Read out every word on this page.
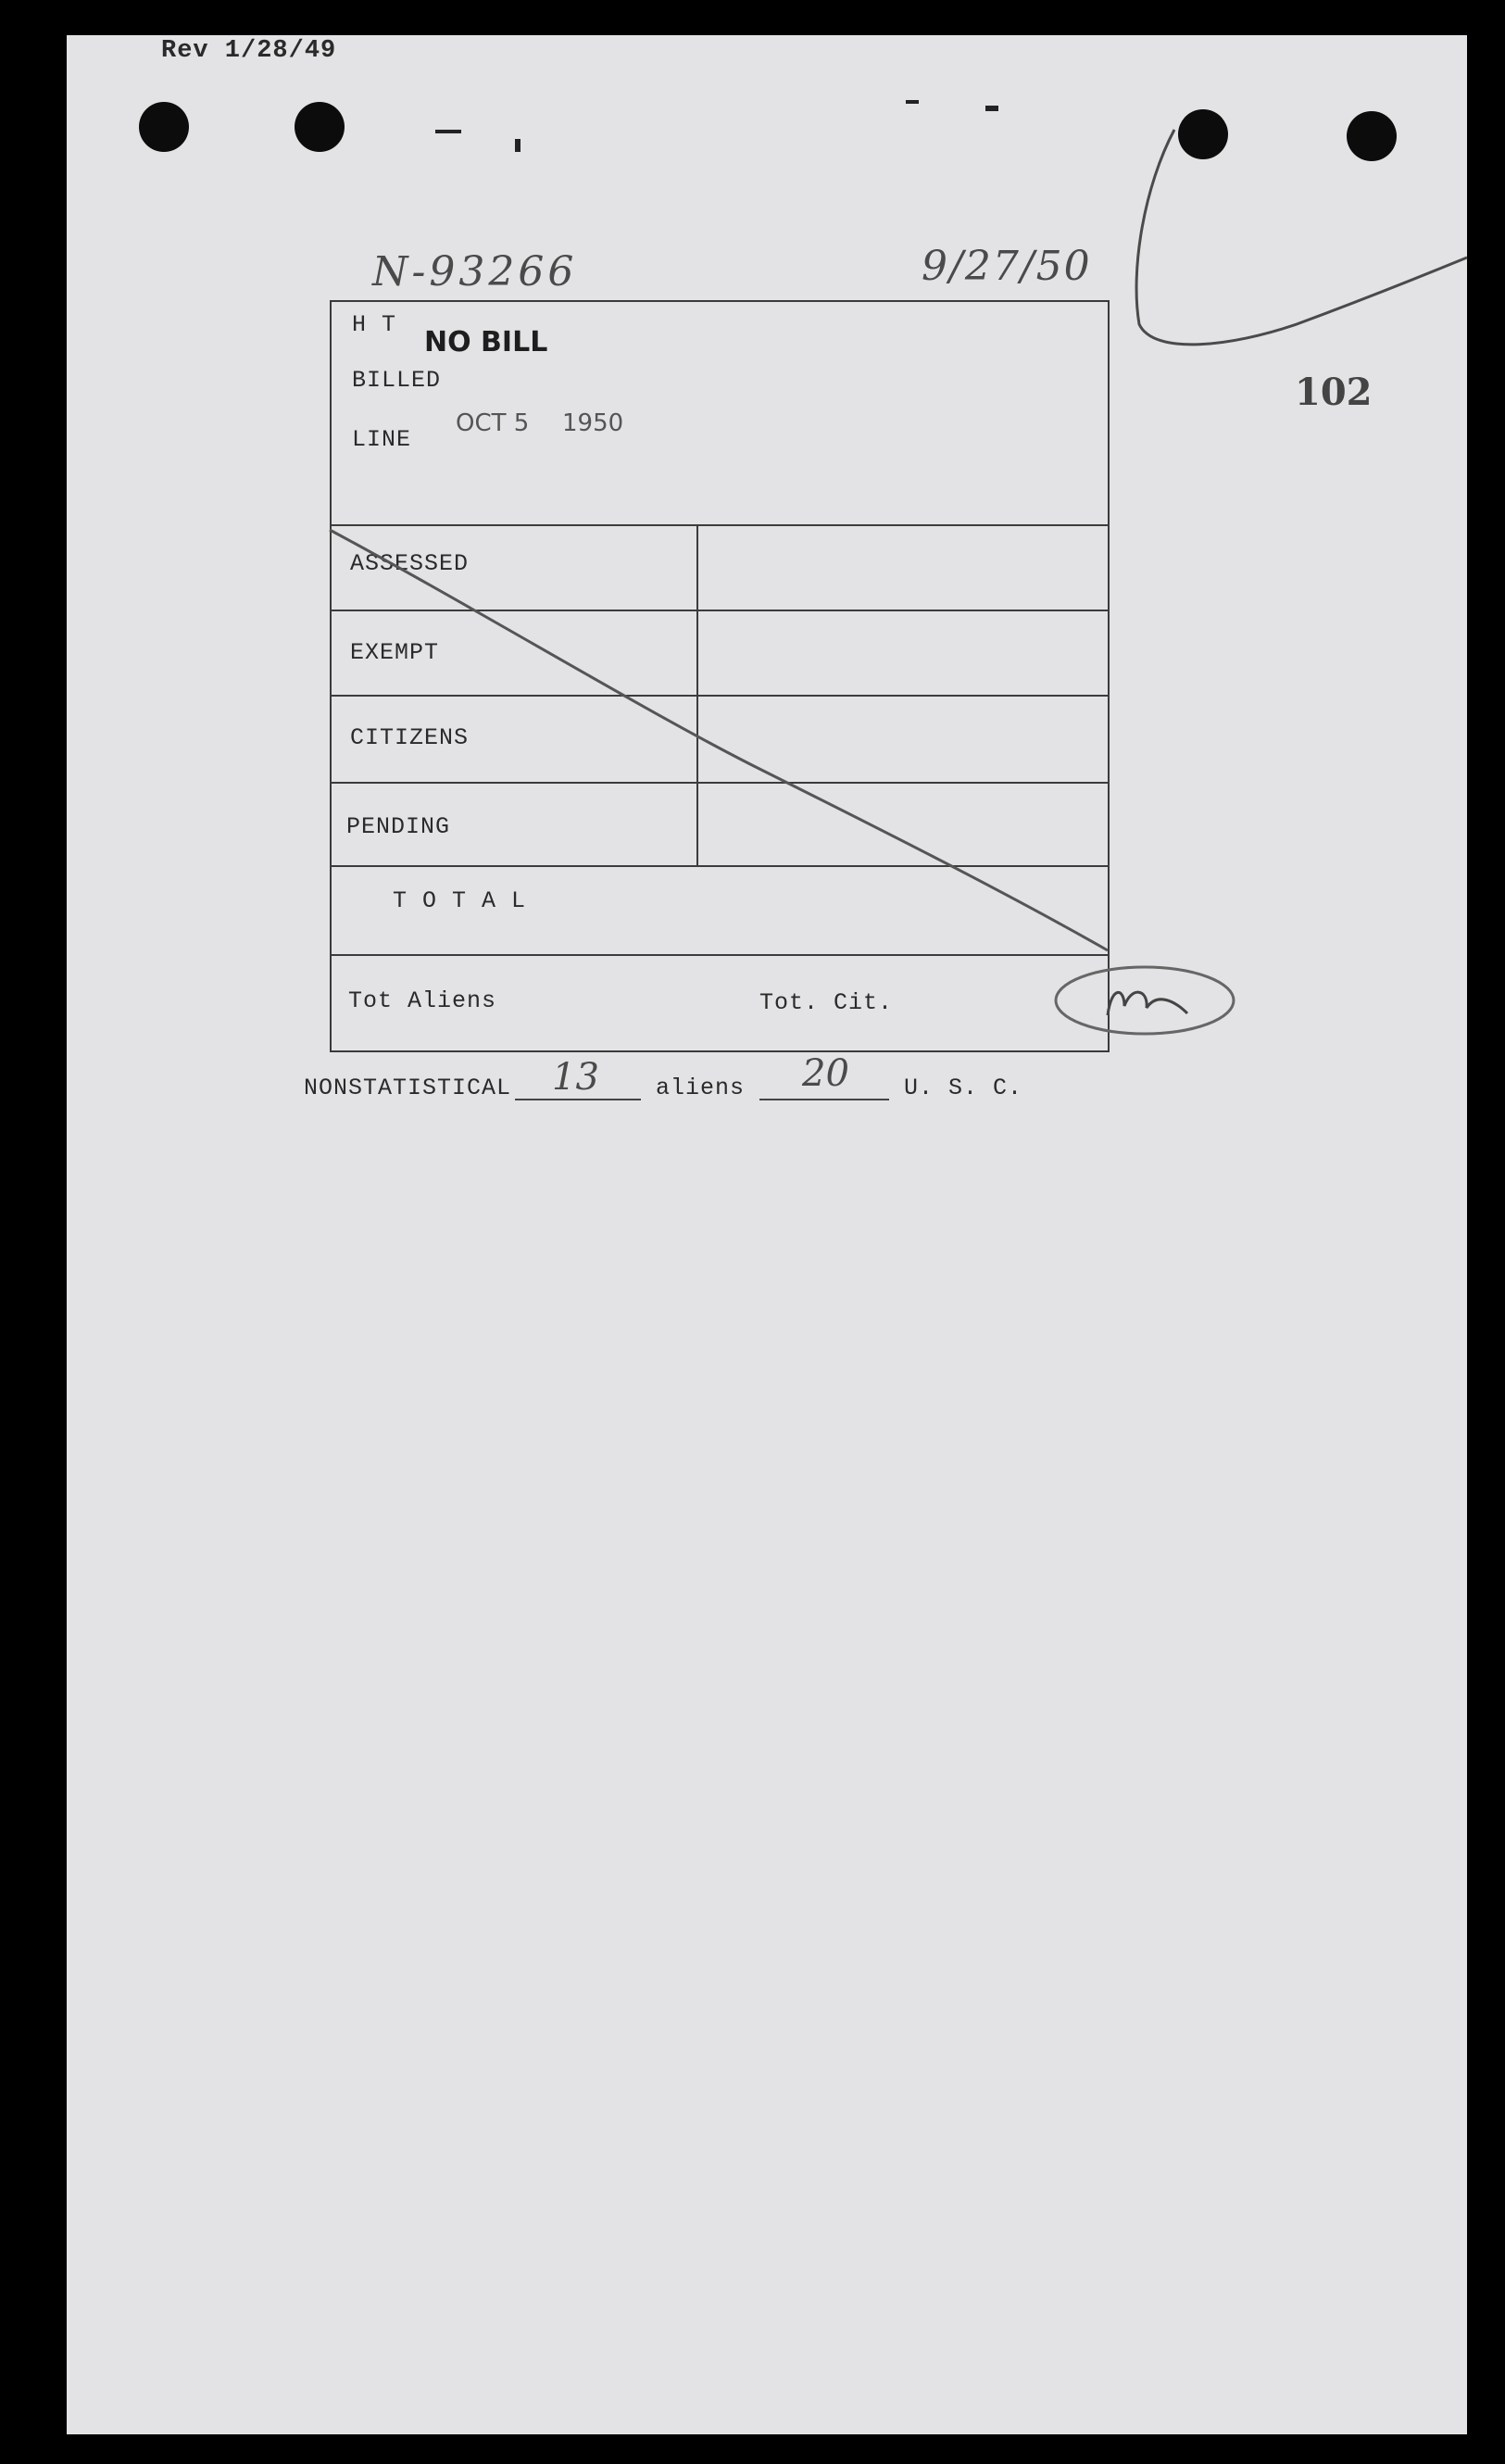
Rev 1/28/49
N-93266	9/27/50
102
H T
NO BILL
BILLED
LINE
OCT 5 1950
ASSESSED
EXEMPT
CITIZENS
PENDING
T O T A L
Tot Aliens	Tot. Cit.
NONSTATISTICAL 13 aliens 20 U. S. C.
